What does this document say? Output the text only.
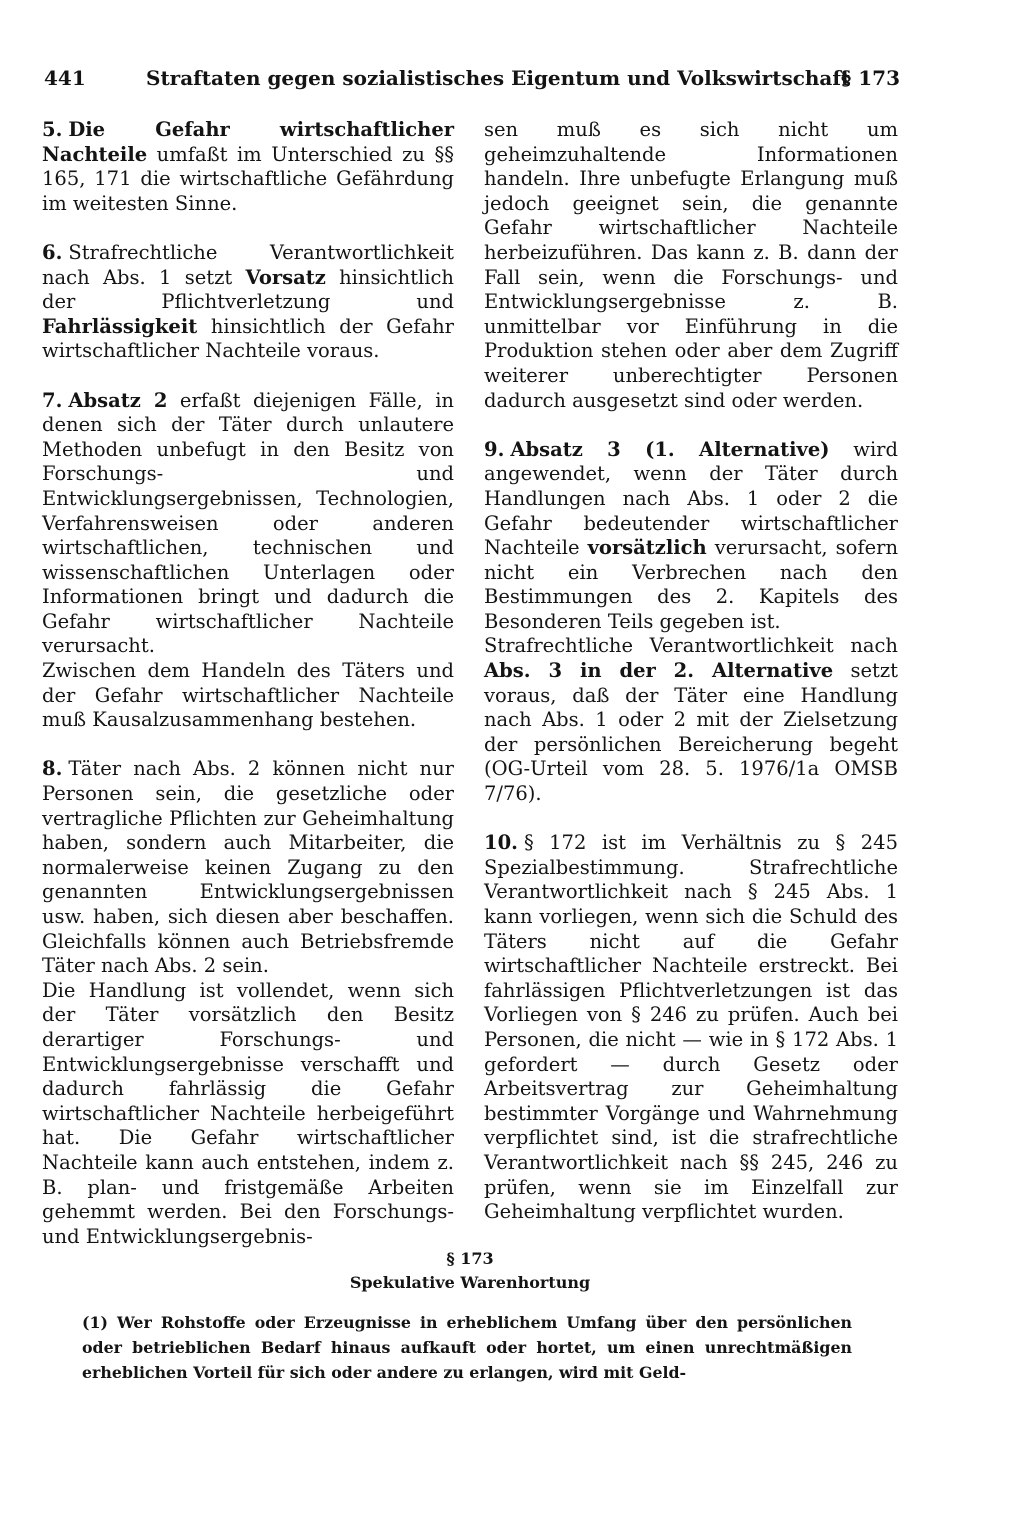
441	Straftaten gegen sozialistisches Eigentum und Volkswirtschaft
§ 173

5. Die Gefahr wirtschaftlicher Nachteile umfaßt im Unterschied zu §§ 165, 171 die wirtschaftliche Gefährdung im weitesten Sinne.

6. Strafrechtliche Verantwortlichkeit nach Abs. 1 setzt Vorsatz hinsichtlich der Pflichtverletzung und Fahrlässigkeit hinsichtlich der Gefahr wirtschaftlicher Nachteile voraus.

7. Absatz 2 erfaßt diejenigen Fälle, in denen sich der Täter durch unlautere Methoden unbefugt in den Besitz von Forschungs- und Entwicklungsergebnissen, Technologien, Verfahrensweisen oder anderen wirtschaftlichen, technischen und wissenschaftlichen Unterlagen oder Informationen bringt und dadurch die Gefahr wirtschaftlicher Nachteile verursacht.

Zwischen dem Handeln des Täters und der Gefahr wirtschaftlicher Nachteile muß Kausalzusammenhang bestehen.

8. Täter nach Abs. 2 können nicht nur Personen sein, die gesetzliche oder vertragliche Pflichten zur Geheimhaltung haben, sondern auch Mitarbeiter, die normalerweise keinen Zugang zu den genannten Entwicklungsergebnissen usw. haben, sich diesen aber beschaffen. Gleichfalls können auch Betriebsfremde Täter nach Abs. 2 sein.

Die Handlung ist vollendet, wenn sich der Täter vorsätzlich den Besitz derartiger Forschungs- und Entwicklungsergebnisse verschafft und dadurch fahrlässig die Gefahr wirtschaftlicher Nachteile herbeigeführt hat. Die Gefahr wirtschaftlicher Nachteile kann auch entstehen, indem z. B. plan- und fristgemäße Arbeiten gehemmt werden. Bei den Forschungs- und Entwicklungsergebnis-

sen muß es sich nicht um geheimzuhaltende Informationen handeln. Ihre unbefugte Erlangung muß jedoch geeignet sein, die genannte Gefahr wirtschaftlicher Nachteile herbeizuführen. Das kann z. B. dann der Fall sein, wenn die Forschungs- und Entwicklungsergebnisse z. B. unmittelbar vor Einführung in die Produktion stehen oder aber dem Zugriff weiterer unberechtigter Personen dadurch ausgesetzt sind oder werden.

9. Absatz 3 (1. Alternative) wird angewendet, wenn der Täter durch Handlungen nach Abs. 1 oder 2 die Gefahr bedeutender wirtschaftlicher Nachteile vorsätzlich verursacht, sofern nicht ein Verbrechen nach den Bestimmungen des 2. Kapitels des Besonderen Teils gegeben ist.

Strafrechtliche Verantwortlichkeit nach Abs. 3 in der 2. Alternative setzt voraus, daß der Täter eine Handlung nach Abs. 1 oder 2 mit der Zielsetzung der persönlichen Bereicherung begeht (OG-Urteil vom 28. 5. 1976/1a OMSB 7/76).

10. § 172 ist im Verhältnis zu § 245 Spezialbestimmung. Strafrechtliche Verantwortlichkeit nach § 245 Abs. 1 kann vorliegen, wenn sich die Schuld des Täters nicht auf die Gefahr wirtschaftlicher Nachteile erstreckt. Bei fahrlässigen Pflichtverletzungen ist das Vorliegen von § 246 zu prüfen. Auch bei Personen, die nicht — wie in § 172 Abs. 1 gefordert — durch Gesetz oder Arbeitsvertrag zur Geheimhaltung bestimmter Vorgänge und Wahrnehmung verpflichtet sind, ist die strafrechtliche Verantwortlichkeit nach §§ 245, 246 zu prüfen, wenn sie im Einzelfall zur Geheimhaltung verpflichtet wurden.

§ 173
Spekulative Warenhortung
(1) Wer Rohstoffe oder Erzeugnisse in erheblichem Umfang über den persönlichen oder betrieblichen Bedarf hinaus aufkauft oder hortet, um einen unrechtmäßigen erheblichen Vorteil für sich oder andere zu erlangen, wird mit Geld-
